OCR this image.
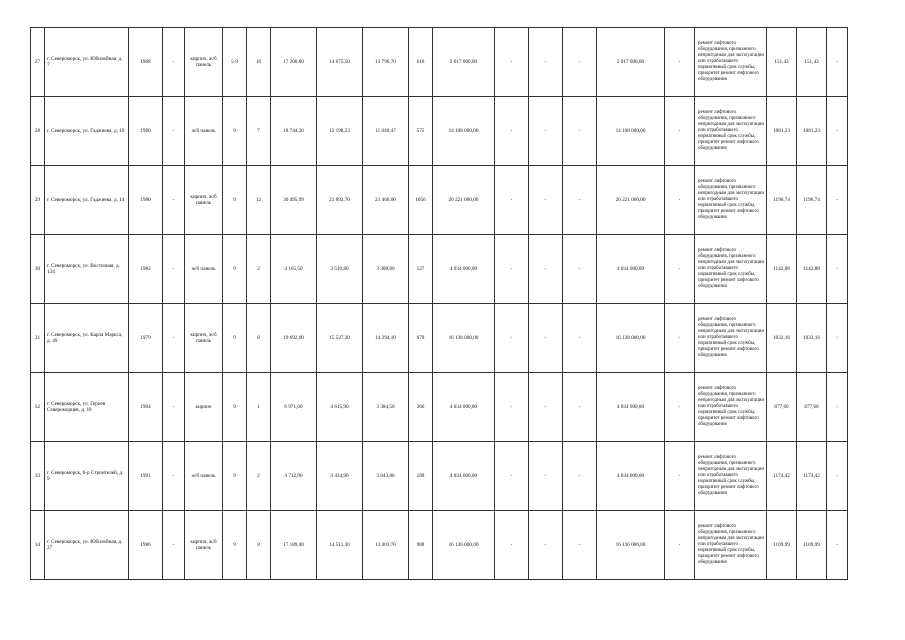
27	г. Североморск, ул. Юбилейная, д. 7	1968	-	кирпич, ж/б панель	5-9	16	17 200,00	14 675,50	13 790,70	616	2 017 000,00	-	-	-	2 017 000,00	-	ремонт лифтового оборудования, признанного непригодным для эксплуатации или отработавшего нормативный срок службы, приоритет ремонт лифтового оборудования	151,43	151,43	-
28	г. Североморск, ул. Гаджиева, д. 10	1980	-	ж/б панель	9	7	18 744,30	12 198,23	11 640,47	575	14 108 000,00	-	-	-	14 108 000,00	-	ремонт лифтового оборудования, признанного непригодным для эксплуатации или отработавшего нормативный срок службы, приоритет ремонт лифтового оборудования	1081,23	1081,23	-
29	г. Североморск, ул. Гаджиева, д. 14	1980	-	кирпич, ж/б панель	9	12	30 495,99	21 892,70	21 466,00	1056	26 221 000,00	-	-	-	26 221 000,00	-	ремонт лифтового оборудования, признанного непригодным для эксплуатации или отработавшего нормативный срок службы, приоритет ремонт лифтового оборудования	1196,74	1196,74	-
30	г. Североморск, ул. Восточная, д. 124	1982	-	ж/б панель	9	2	4 165,50	3 510,80	3 308,80	127	4 034 000,00	-	-	-	4 034 000,00	-	ремонт лифтового оборудования, признанного непригодным для эксплуатации или отработавшего нормативный срок службы, приоритет ремонт лифтового оборудования	1142,88	1142,88	-
31	г. Североморск, ул. Карла Маркса, д. 49	1979	-	кирпич, ж/б панель	9	8	19 692,00	15 537,20	14 294,10	679	16 138 000,00	-	-	-	16 138 000,00	-	ремонт лифтового оборудования, признанного непригодным для эксплуатации или отработавшего нормативный срок службы, приоритет ремонт лифтового оборудования	1032,16	1032,16	-
32	г. Североморск, ул. Героев Североморцев, д. 18	1984	-	кирпич	9	1	6 971,60	4 615,90	3 384,50	366	4 034 000,00	-	-	-	4 034 000,00	-	ремонт лифтового оборудования, признанного непригодным для эксплуатации или отработавшего нормативный срок службы, приоритет ремонт лифтового оборудования	877,60	877,60	-
33	г. Североморск, б-р Строителей, д. 9	1991	-	ж/б панель	9	2	4 712,96	3 434,90	3 043,86	189	4 034 000,00	-	-	-	4 034 000,00	-	ремонт лифтового оборудования, признанного непригодным для эксплуатации или отработавшего нормативный срок службы, приоритет ремонт лифтового оборудования	1174,42	1174,42	-
34	г. Североморск, ул. Юбилейная, д. 27	1986	-	кирпич, ж/б панель	9	8	17 189,40	14 511,30	13 401,70	988	16 136 000,00	-	-	-	16 136 000,00	-	ремонт лифтового оборудования, признанного непригодным для эксплуатации или отработавшего нормативный срок службы, приоритет ремонт лифтового оборудования	1109,99	1109,99	-
